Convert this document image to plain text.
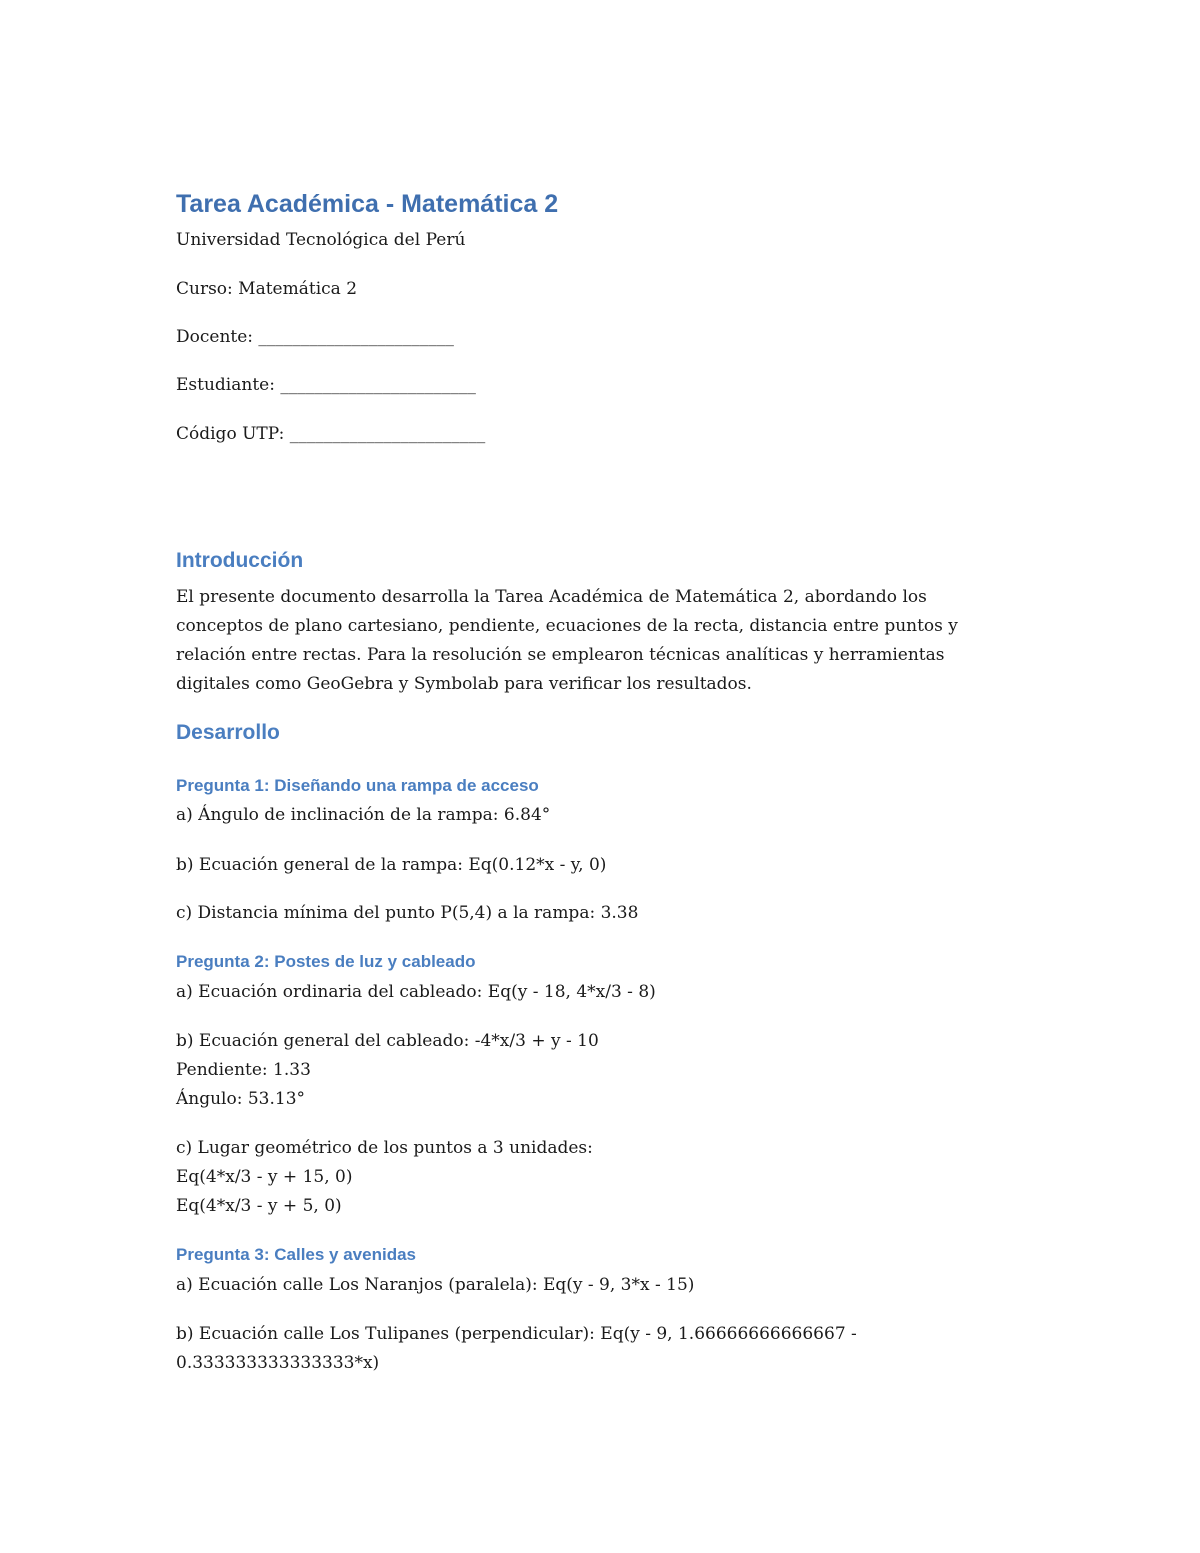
Tarea Académica - Matemática 2
Universidad Tecnológica del Perú
Curso: Matemática 2
Docente: _______________________
Estudiante: _______________________
Código UTP: _______________________
Introducción
El presente documento desarrolla la Tarea Académica de Matemática 2, abordando los conceptos de plano cartesiano, pendiente, ecuaciones de la recta, distancia entre puntos y relación entre rectas. Para la resolución se emplearon técnicas analíticas y herramientas digitales como GeoGebra y Symbolab para verificar los resultados.
Desarrollo
Pregunta 1: Diseñando una rampa de acceso
a) Ángulo de inclinación de la rampa: 6.84°
b) Ecuación general de la rampa: Eq(0.12*x - y, 0)
c) Distancia mínima del punto P(5,4) a la rampa: 3.38
Pregunta 2: Postes de luz y cableado
a) Ecuación ordinaria del cableado: Eq(y - 18, 4*x/3 - 8)
b) Ecuación general del cableado: -4*x/3 + y - 10
Pendiente: 1.33
Ángulo: 53.13°
c) Lugar geométrico de los puntos a 3 unidades:
Eq(4*x/3 - y + 15, 0)
Eq(4*x/3 - y + 5, 0)
Pregunta 3: Calles y avenidas
a) Ecuación calle Los Naranjos (paralela): Eq(y - 9, 3*x - 15)
b) Ecuación calle Los Tulipanes (perpendicular): Eq(y - 9, 1.66666666666667 -
0.333333333333333*x)
